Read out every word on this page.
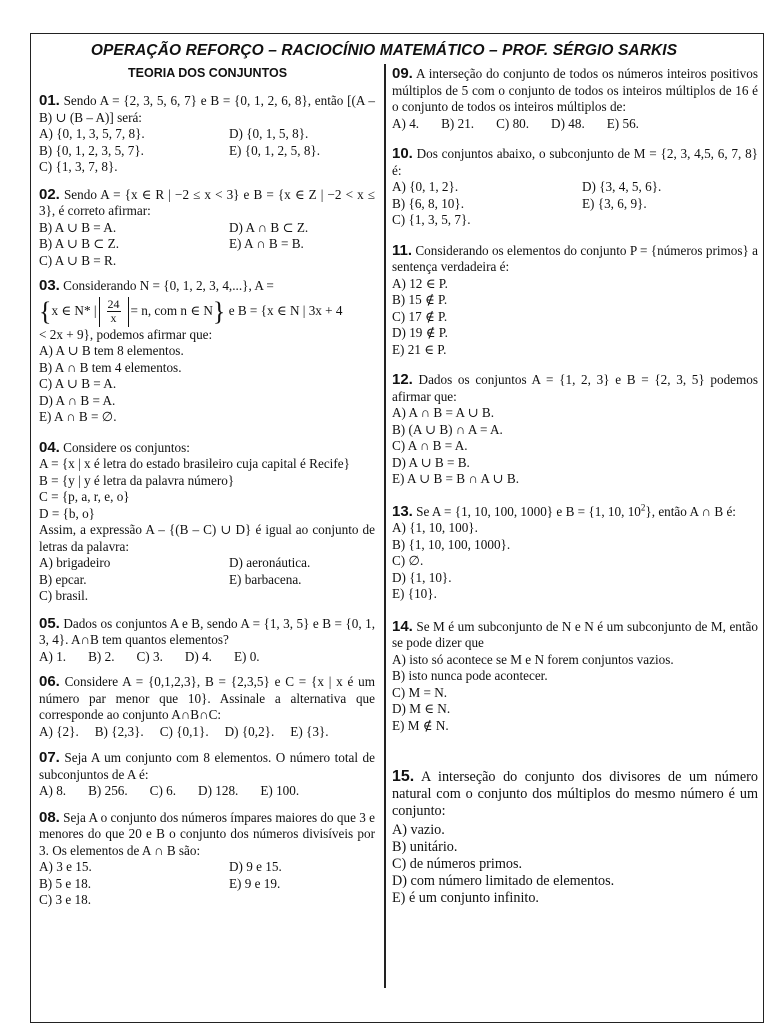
OPERAÇÃO REFORÇO – RACIOCÍNIO MATEMÁTICO – PROF. SÉRGIO SARKIS
TEORIA DOS CONJUNTOS

01. Sendo A = {2, 3, 5, 6, 7} e B = {0, 1, 2, 6, 8}, então [(A – B) ∪ (B – A)] será:

A) {0, 1, 3, 5, 7, 8}.	D) {0, 1, 5, 8}.
B) {0, 1, 2, 3, 5, 7}.	E) {0, 1, 2, 5, 8}.
C) {1, 3, 7, 8}.

02. Sendo A = {x ∈ R | −2 ≤ x < 3} e B = {x ∈ Z | −2 < x ≤ 3}, é correto afirmar:

B) A ∪ B = A.	D) A ∩ B ⊂ Z.
B) A ∪ B ⊂ Z.	E) A ∩ B = B.
C) A ∪ B = R.

03. Considerando N = {0, 1, 2, 3, 4,...}, A =

{x ∈ N* | $\frac{24}{x} = n$, com n ∈ N} e B = {x ∈ N | 3x + 4

< 2x + 9}, podemos afirmar que:

A) A ∪ B tem 8 elementos.
B) A ∩ B tem 4 elementos.
C) A ∪ B = A.
D) A ∩ B = A.
E) A ∩ B = ∅.

04. Considere os conjuntos:

A = {x | x é letra do estado brasileiro cuja capital é Recife}

B = {y | y é letra da palavra número}

C = {p, a, r, e, o}

D = {b, o}

Assim, a expressão A – {(B – C) ∪ D} é igual ao conjunto de letras da palavra:

A) brigadeiro	D) aeronáutica.
B) epcar.	E) barbacena.
C) brasil.

05. Dados os conjuntos A e B, sendo A = {1, 3, 5} e B = {0, 1, 3, 4}. A∩B tem quantos elementos?

A) 1. B) 2. C) 3. D) 4. E) 0.

06. Considere A = {0,1,2,3}, B = {2,3,5} e C = {x | x é um número par menor que 10}. Assinale a alternativa que corresponde ao conjunto A∩B∩C:

A) {2}. B) {2,3}. C) {0,1}. D) {0,2}. E) {3}.

07. Seja A um conjunto com 8 elementos. O número total de subconjuntos de A é:

A) 8. B) 256. C) 6. D) 128. E) 100.

08. Seja A o conjunto dos números ímpares maiores do que 3 e menores do que 20 e B o conjunto dos números divisíveis por 3. Os elementos de A ∩ B são:

A) 3 e 15.	D) 9 e 15.
B) 5 e 18.	E) 9 e 19.
C) 3 e 18.

09. A interseção do conjunto de todos os números inteiros positivos múltiplos de 5 com o conjunto de todos os inteiros múltiplos de 16 é o conjunto de todos os inteiros múltiplos de:

A) 4. B) 21. C) 80. D) 48. E) 56.

10. Dos conjuntos abaixo, o subconjunto de M = {2, 3, 4,5, 6, 7, 8} é:

A) {0, 1, 2}.	D) {3, 4, 5, 6}.
B) {6, 8, 10}.	E) {3, 6, 9}.
C) {1, 3, 5, 7}.

11. Considerando os elementos do conjunto P = {números primos} a sentença verdadeira é:

A) 12 ∈ P.
B) 15 ∉ P.
C) 17 ∉ P.
D) 19 ∉ P.
E) 21 ∈ P.

12. Dados os conjuntos A = {1, 2, 3} e B = {2, 3, 5} podemos afirmar que:

A) A ∩ B = A ∪ B.
B) (A ∪ B) ∩ A = A.
C) A ∩ B = A.
D) A ∪ B = B.
E) A ∪ B = B ∩ A ∪ B.

13. Se A = {1, 10, 100, 1000} e B = {1, 10, $10^2$}, então A ∩ B é:

A) {1, 10, 100}.
B) {1, 10, 100, 1000}.
C) ∅.
D) {1, 10}.
E) {10}.

14. Se M é um subconjunto de N e N é um subconjunto de M, então se pode dizer que

A) isto só acontece se M e N forem conjuntos vazios.
B) isto nunca pode acontecer.
C) M = N.
D) M ∈ N.
E) M ∉ N.

15. A interseção do conjunto dos divisores de um número natural com o conjunto dos múltiplos do mesmo número é um conjunto:

A) vazio.
B) unitário.
C) de números primos.
D) com número limitado de elementos.
E) é um conjunto infinito.
